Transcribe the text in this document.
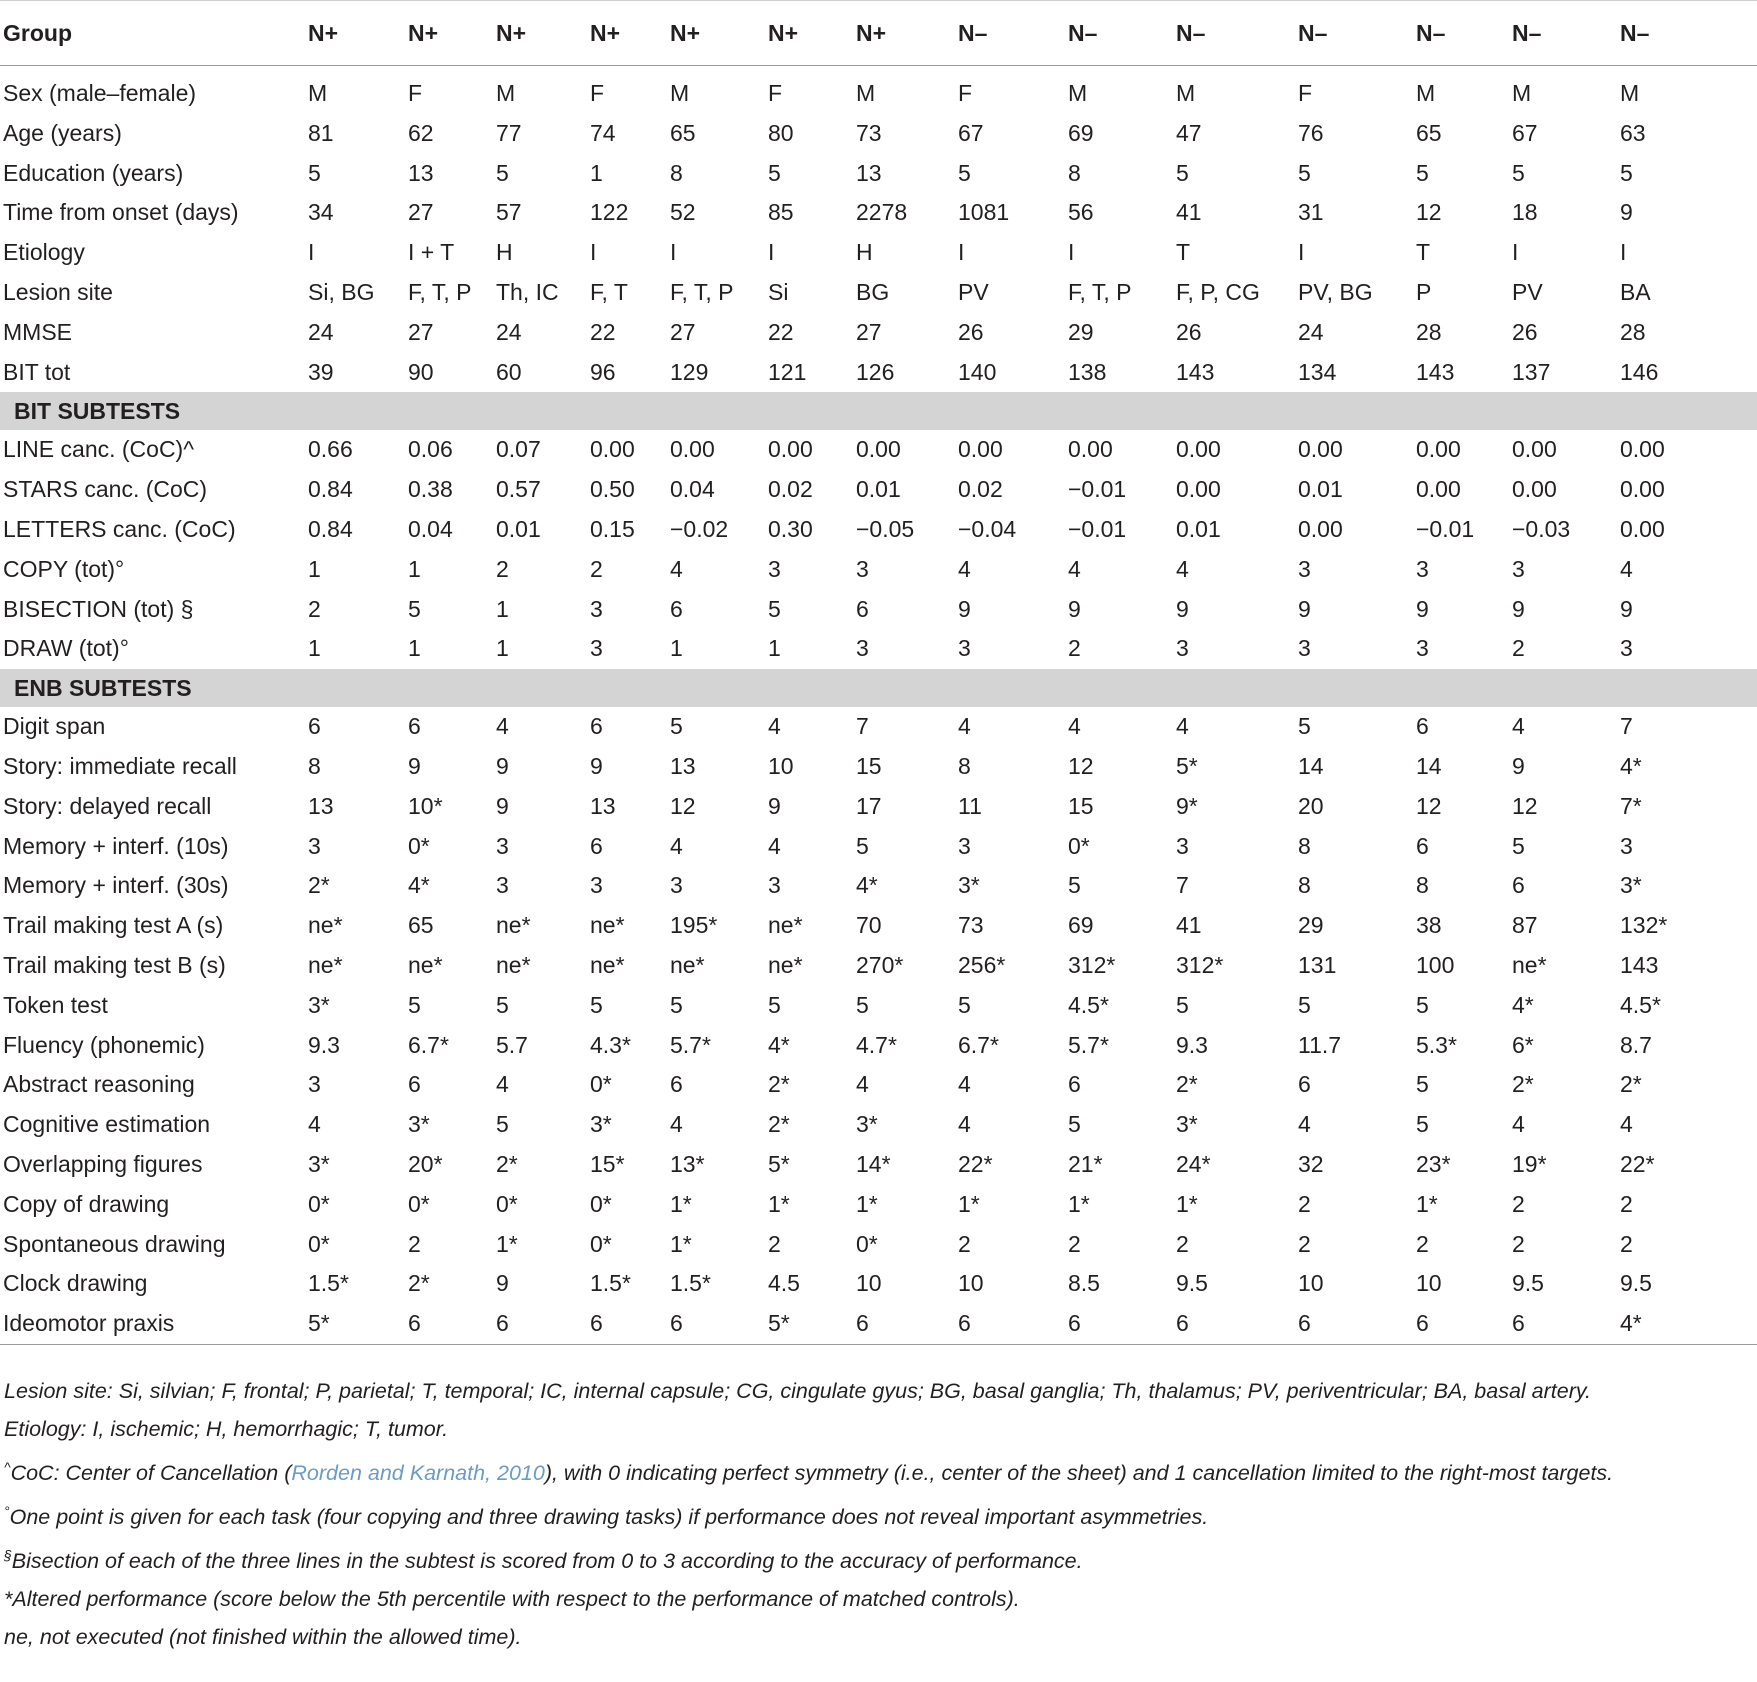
Group	N+	N+	N+	N+	N+	N+	N+	N–	N–	N–	N–	N–	N–	N–

Sex (male–female)	M	F	M	F	M	F	M	F	M	M	F	M	M	M
Age (years)	81	62	77	74	65	80	73	67	69	47	76	65	67	63
Education (years)	5	13	5	1	8	5	13	5	8	5	5	5	5	5
Time from onset (days)	34	27	57	122	52	85	2278	1081	56	41	31	12	18	9
Etiology	I	I + T	H	I	I	I	H	I	I	T	I	T	I	I
Lesion site	Si, BG	F, T, P	Th, IC	F, T	F, T, P	Si	BG	PV	F, T, P	F, P, CG	PV, BG	P	PV	BA
MMSE	24	27	24	22	27	22	27	26	29	26	24	28	26	28
BIT tot	39	90	60	96	129	121	126	140	138	143	134	143	137	146
BIT SUBTESTS														
LINE canc. (CoC)^	0.66	0.06	0.07	0.00	0.00	0.00	0.00	0.00	0.00	0.00	0.00	0.00	0.00	0.00
STARS canc. (CoC)	0.84	0.38	0.57	0.50	0.04	0.02	0.01	0.02	−0.01	0.00	0.01	0.00	0.00	0.00
LETTERS canc. (CoC)	0.84	0.04	0.01	0.15	−0.02	0.30	−0.05	−0.04	−0.01	0.01	0.00	−0.01	−0.03	0.00
COPY (tot)°	1	1	2	2	4	3	3	4	4	4	3	3	3	4
BISECTION (tot) §	2	5	1	3	6	5	6	9	9	9	9	9	9	9
DRAW (tot)°	1	1	1	3	1	1	3	3	2	3	3	3	2	3
ENB SUBTESTS														
Digit span	6	6	4	6	5	4	7	4	4	4	5	6	4	7
Story: immediate recall	8	9	9	9	13	10	15	8	12	5*	14	14	9	4*
Story: delayed recall	13	10*	9	13	12	9	17	11	15	9*	20	12	12	7*
Memory + interf. (10s)	3	0*	3	6	4	4	5	3	0*	3	8	6	5	3
Memory + interf. (30s)	2*	4*	3	3	3	3	4*	3*	5	7	8	8	6	3*
Trail making test A (s)	ne*	65	ne*	ne*	195*	ne*	70	73	69	41	29	38	87	132*
Trail making test B (s)	ne*	ne*	ne*	ne*	ne*	ne*	270*	256*	312*	312*	131	100	ne*	143
Token test	3*	5	5	5	5	5	5	5	4.5*	5	5	5	4*	4.5*
Fluency (phonemic)	9.3	6.7*	5.7	4.3*	5.7*	4*	4.7*	6.7*	5.7*	9.3	11.7	5.3*	6*	8.7
Abstract reasoning	3	6	4	0*	6	2*	4	4	6	2*	6	5	2*	2*
Cognitive estimation	4	3*	5	3*	4	2*	3*	4	5	3*	4	5	4	4
Overlapping figures	3*	20*	2*	15*	13*	5*	14*	22*	21*	24*	32	23*	19*	22*
Copy of drawing	0*	0*	0*	0*	1*	1*	1*	1*	1*	1*	2	1*	2	2
Spontaneous drawing	0*	2	1*	0*	1*	2	0*	2	2	2	2	2	2	2
Clock drawing	1.5*	2*	9	1.5*	1.5*	4.5	10	10	8.5	9.5	10	10	9.5	9.5
Ideomotor praxis	5*	6	6	6	6	5*	6	6	6	6	6	6	6	4*

Lesion site: Si, silvian; F, frontal; P, parietal; T, temporal; IC, internal capsule; CG, cingulate gyus; BG, basal ganglia; Th, thalamus; PV, periventricular; BA, basal artery.

Etiology: I, ischemic; H, hemorrhagic; T, tumor.

^CoC: Center of Cancellation (Rorden and Karnath, 2010), with 0 indicating perfect symmetry (i.e., center of the sheet) and 1 cancellation limited to the right-most targets.

°One point is given for each task (four copying and three drawing tasks) if performance does not reveal important asymmetries.

§Bisection of each of the three lines in the subtest is scored from 0 to 3 according to the accuracy of performance.

*Altered performance (score below the 5th percentile with respect to the performance of matched controls).

ne, not executed (not finished within the allowed time).
